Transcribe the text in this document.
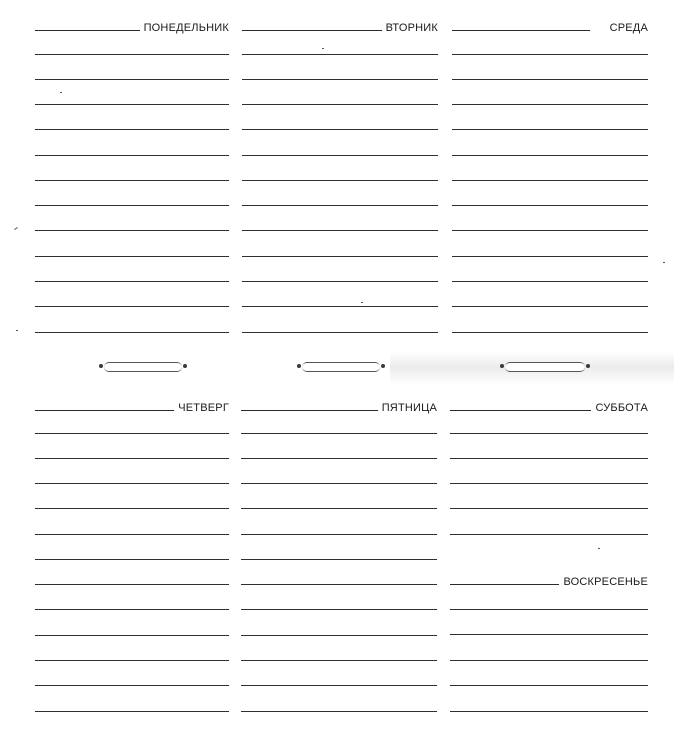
ПОНЕДЕЛЬНИК	ВТОРНИК	СРЕДА
ЧЕТВЕРГ	ПЯТНИЦА	СУББОТА
ВОСКРЕСЕНЬЕ
